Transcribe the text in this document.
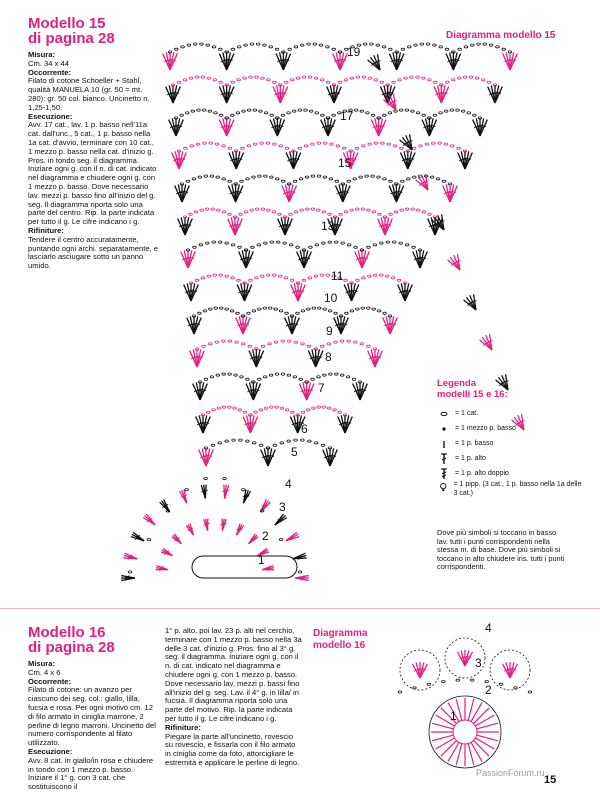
Modello 15

di pagina 28

Misura:
Cm. 34 x 44
Occorrente:
Filato di cotone Schoeller + Stahl, qualità MANUELA 10 (gr. 50 = mt. 280): gr. 50 col. bianco. Uncinetto n. 1,25-1,50.
Esecuzione:
Avv. 17 cat., lav. 1 p. basso nell'11a cat. dall'unc., 5 cat., 1 p. basso nella 1a cat. d'avvio, terminare con 10 cat., 1 mezzo p. basso nella cat. d'inizio g. Pros. in tondo seg. il diagramma. Iniziare ogni g. con il n. di cat. indicato nel diagramma e chiudere ogni g. con 1 mezzo p. basso. Dove necessario lav. mezzi p. basso fino all'inizio del g. seg. Il diagramma riporta solo una parte del centro. Rip. la parte indicata per tutto il g. Le cifre indicano i g.
Rifiniture:
Tendere il centro accuratamente, puntando ogni archi. separatamente, e lasciarlo asciugare sotto un panno umido.
Diagramma modello 15
19
17
15
13
11
10
9
8
7
6
5
4
3
2
1
Legenda
modelli 15 e 16:
= 1 cat.
= 1 mezzo p. basso
= 1 p. basso
= 1 p. alto
= 1 p. alto doppio
= 1 pipp. (3 cat., 1 p. basso nella 1a delle 3 cat.)
Dove più simboli si toccano in basso lav. tutti i punti corrispondenti nella stessa m. di base. Dove più simboli si toccano in alto chiudere ins. tutti i punti corrispondenti.

Modello 16

di pagina 28

Misura:
Cm. 4 x 6
Occorrente:
Filato di cotone: un avanzo per ciascuno dei seg. col.: giallo, lilla, fucsia e rosa. Per ogni motivo cm. 12 di filo armato in ciniglia marrone, 2 perline di legno marroni. Uncinetto del numero corrispondente al filato utilizzato.
Esecuzione:
Avv. 8 cat. in giallo/in rosa e chiudere in tondo con 1 mezzo p. basso. Iniziare il 1° g. con 3 cat. che sostituiscono il
1° p. alto, poi lav. 23 p. alti nel cerchio, terminare con 1 mezzo p. basso nella 3a delle 3 cat. d'inizio g. Pros. fino al 3° g. seg. il diagramma. Iniziare ogni g. con il n. di cat. indicato nel diagramma e chiudere ogni g. con 1 mezzo p. basso. Dove necessario lav. mezzi p. bassi fino all'inizio del g. seg. Lav. il 4° g. in lilla/ in fucsia. Il diagramma riporta solo una parte del motivo. Rip. la parte indicata per tutto il g. Le cifre indicano i g.
Rifiniture:
Piegare la parte all'uncinetto, rovescio su rovescio, e fissarla con il filo armato in ciniglia come da foto, attorcigliare le estremità e applicare le perline di legno.
Diagramma
modello 16
4
3
2
1
PassionForum.ru
15
